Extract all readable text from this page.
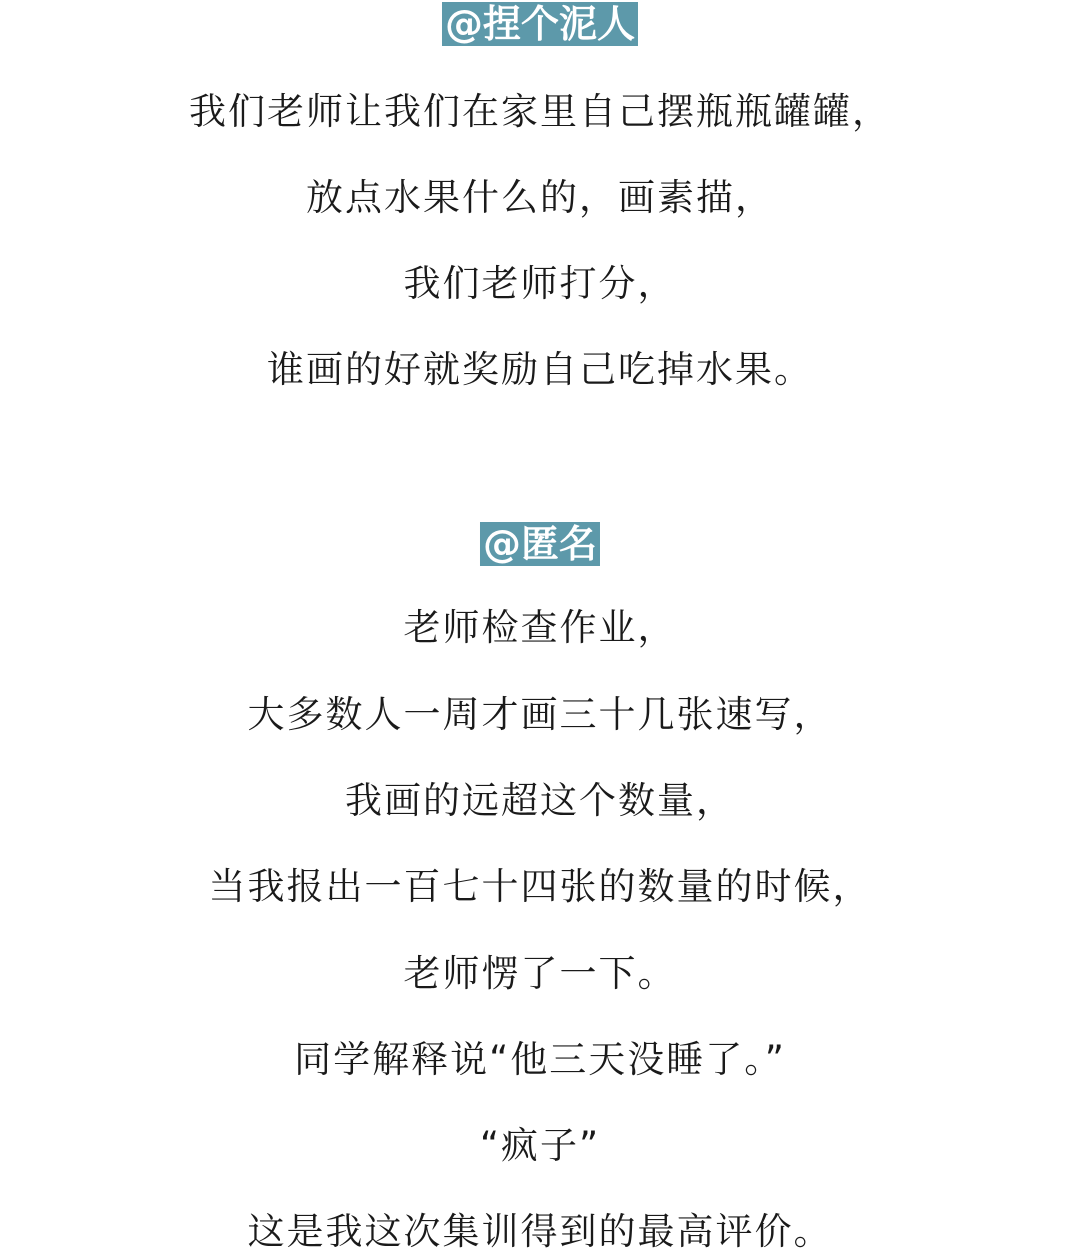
@捏个泥人
我们老师让我们在家里自己摆瓶瓶罐罐，
放点水果什么的，画素描，
我们老师打分，
谁画的好就奖励自己吃掉水果。
@匿名
老师检查作业，
大多数人一周才画三十几张速写，
我画的远超这个数量，
当我报出一百七十四张的数量的时候，
老师愣了一下。
同学解释说“他三天没睡了。”
“疯子”
这是我这次集训得到的最高评价。
